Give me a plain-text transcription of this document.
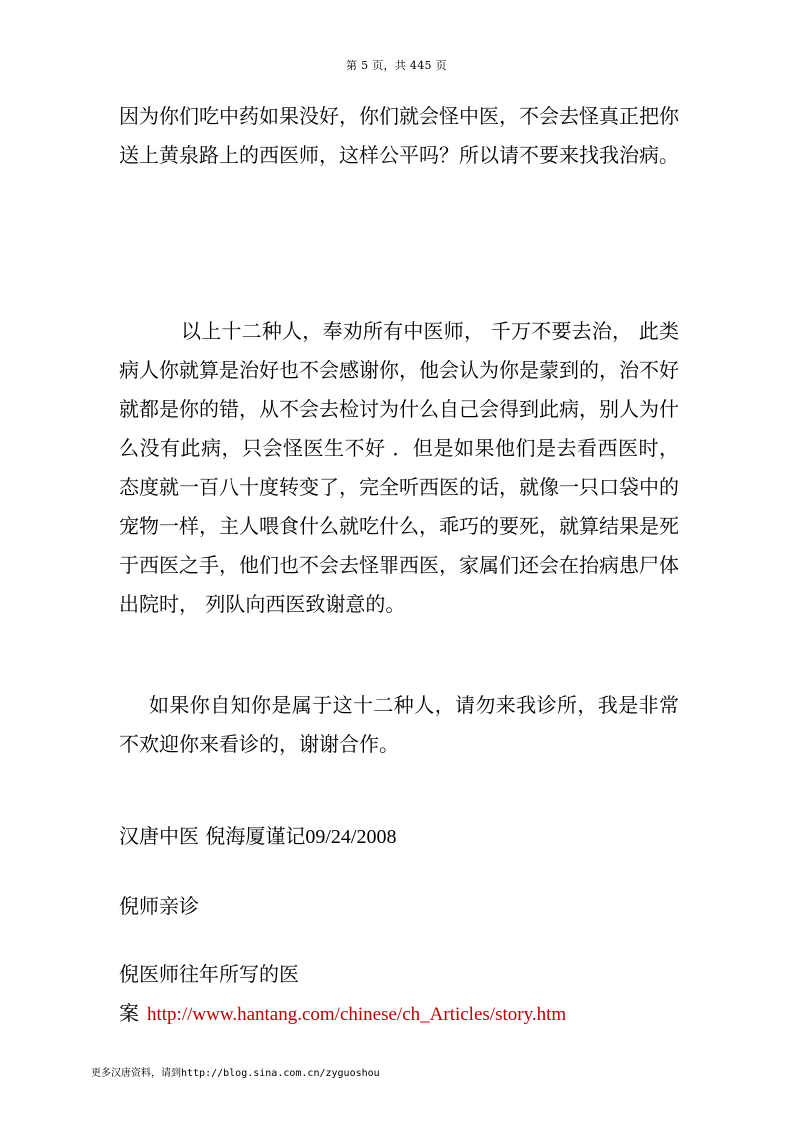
第 5 页，共 445 页

因为你们吃中药如果没好，你们就会怪中医，不会去怪真正把你送上黄泉路上的西医师，这样公平吗？所以请不要来找我治病。

以上十二种人，奉劝所有中医师， 千万不要去治， 此类病人你就算是治好也不会感谢你，他会认为你是蒙到的，治不好就都是你的错，从不会去检讨为什么自己会得到此病，别人为什么没有此病，只会怪医生不好 ．但是如果他们是去看西医时，态度就一百八十度转变了，完全听西医的话，就像一只口袋中的宠物一样，主人喂食什么就吃什么，乖巧的要死，就算结果是死于西医之手，他们也不会去怪罪西医，家属们还会在抬病患尸体出院时， 列队向西医致谢意的。

如果你自知你是属于这十二种人，请勿来我诊所，我是非常不欢迎你来看诊的，谢谢合作。

汉唐中医 倪海厦谨记09/24/2008

倪师亲诊

倪医师往年所写的医

案 http://www.hantang.com/chinese/ch_Articles/story.htm

更多汉唐资料，请到http://blog.sina.com.cn/zyguoshou
